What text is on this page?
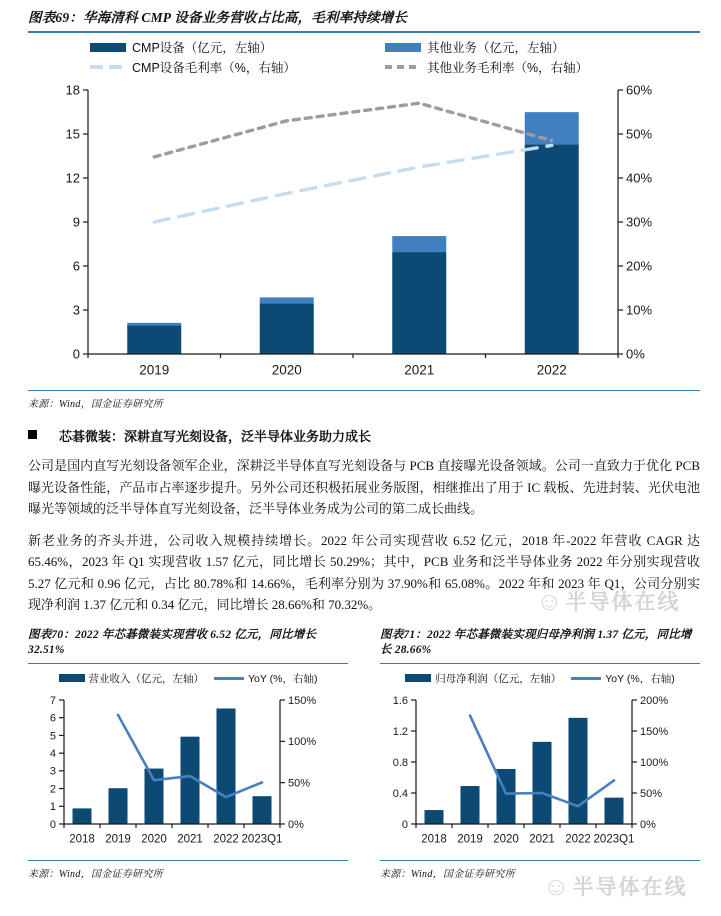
图表69：华海清科 CMP 设备业务营收占比高，毛利率持续增长
CMP设备（亿元，左轴）	其他业务（亿元，左轴）
CMP设备毛利率（%，右轴）	其他业务毛利率（%，右轴）
2019	2020	2021	2022
0
3
6
9
12
15
18
0%
10%
20%
30%
40%
50%
60%
来源：Wind，国金证券研究所
芯碁微装：深耕直写光刻设备，泛半导体业务助力成长

公司是国内直写光刻设备领军企业，深耕泛半导体直写光刻设备与 PCB 直接曝光设备领域。公司一直致力于优化 PCB 曝光设备性能，产品市占率逐步提升。另外公司还积极拓展业务版图，相继推出了用于 IC 载板、先进封装、光伏电池曝光等领域的泛半导体直写光刻设备，泛半导体业务成为公司的第二成长曲线。

新老业务的齐头并进，公司收入规模持续增长。2022 年公司实现营收 6.52 亿元，2018 年-2022 年营收 CAGR 达 65.46%，2023 年 Q1 实现营收 1.57 亿元，同比增长 50.29%；其中，PCB 业务和泛半导体业务 2022 年分别实现营收 5.27 亿元和 0.96 亿元，占比 80.78%和 14.66%，毛利率分别为 37.90%和 65.08%。2022 年和 2023 年 Q1，公司分别实现净利润 1.37 亿元和 0.34 亿元，同比增长 28.66%和 70.32%。

图表70：2022 年芯碁微装实现营收 6.52 亿元，同比增长 32.51%
营业收入（亿元，左轴）	YoY (%，右轴)
2018 2019 2020 2021 2022 2023Q1
0
1
2
3
4
5
6
7
0%
50%
100%
150%
来源：Wind，国金证券研究所
图表71：2022 年芯碁微装实现归母净利润 1.37 亿元，同比增长 28.66%
归母净利润（亿元，左轴）	YoY (%，右轴)
2018 2019 2020 2021 2022 2023Q1
0
0.4
0.8
1.2
1.6
0%
50%
100%
150%
200%
来源：Wind，国金证券研究所
☺ 半导体在线
☺ 半导体在线
